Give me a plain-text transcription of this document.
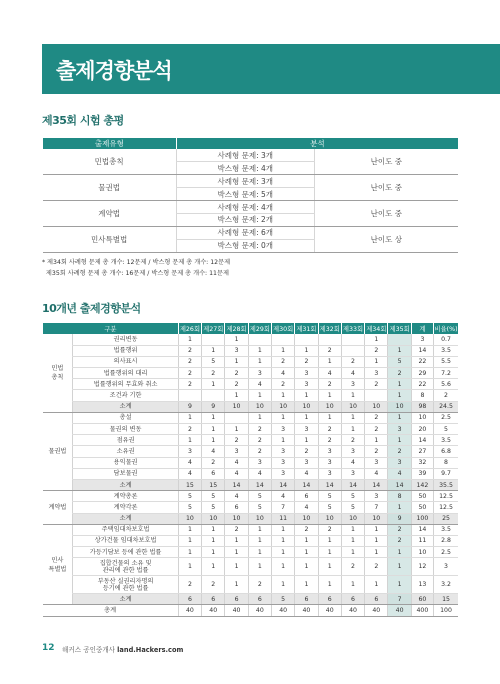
출제경향분석
제35회 시험 총평
출제유형	분석	
민법총칙	사례형 문제: 3개	난이도 중
	박스형 문제: 4개	
물권법	사례형 문제: 3개	난이도 중
	박스형 문제: 5개	
계약법	사례형 문제: 4개	난이도 중
	박스형 문제: 2개	
민사특별법	사례형 문제: 6개	난이도 상
	박스형 문제: 0개	
* 제34회 사례형 문제 총 개수: 12문제 / 박스형 문제 총 개수: 12문제
제35회 사례형 문제 총 개수: 16문제 / 박스형 문제 총 개수: 11문제
10개년 출제경향분석
구분		제26회	제27회	제28회	제29회	제30회	제31회	제32회	제33회	제34회	제35회	계	비율(%)
민법
총칙	권리변동	1		1						1		3	0.7
	법률행위	2	1	3	1	1	1	2		2	1	14	3.5
	의사표시	2	5	1	1	2	2	1	2	1	5	22	5.5
	법률행위의 대리	2	2	2	3	4	3	4	4	3	2	29	7.2
	법률행위의 무효와 취소	2	1	2	4	2	3	2	3	2	1	22	5.6
	조건과 기한			1	1	1	1	1	1		1	8	2
	소계	9	9	10	10	10	10	10	10	10	10	98	24.5
물권법	총설	1	1		1	1	1	1	1	2	1	10	2.5
	물권의 변동	2	1	1	2	3	3	2	1	2	3	20	5
	점유권	1	1	2	2	1	1	2	2	1	1	14	3.5
	소유권	3	4	3	2	3	2	3	3	2	2	27	6.8
	용익물권	4	2	4	3	3	3	3	4	3	3	32	8
	담보물권	4	6	4	4	3	4	3	3	4	4	39	9.7
	소계	15	15	14	14	14	14	14	14	14	14	142	35.5
계약법	계약총론	5	5	4	5	4	6	5	5	3	8	50	12.5
	계약각론	5	5	6	5	7	4	5	5	7	1	50	12.5
	소계	10	10	10	10	11	10	10	10	10	9	100	25
민사
특별법	주택임대차보호법	1	1	2	1	1	2	2	1	1	2	14	3.5
	상가건물 임대차보호법	1	1	1	1	1	1	1	1	1	2	11	2.8
	가등기담보 등에 관한 법률	1	1	1	1	1	1	1	1	1	1	10	2.5
	집합건물의 소유 및
관리에 관한 법률	1	1	1	1	1	1	1	2	2	1	12	3
	부동산 실권리자명의
등기에 관한 법률	2	2	1	2	1	1	1	1	1	1	13	3.2
	소계	6	6	6	6	5	6	6	6	6	7	60	15
총계		40	40	40	40	40	40	40	40	40	40	400	100
12 해커스 공인중개사 land.Hackers.com
